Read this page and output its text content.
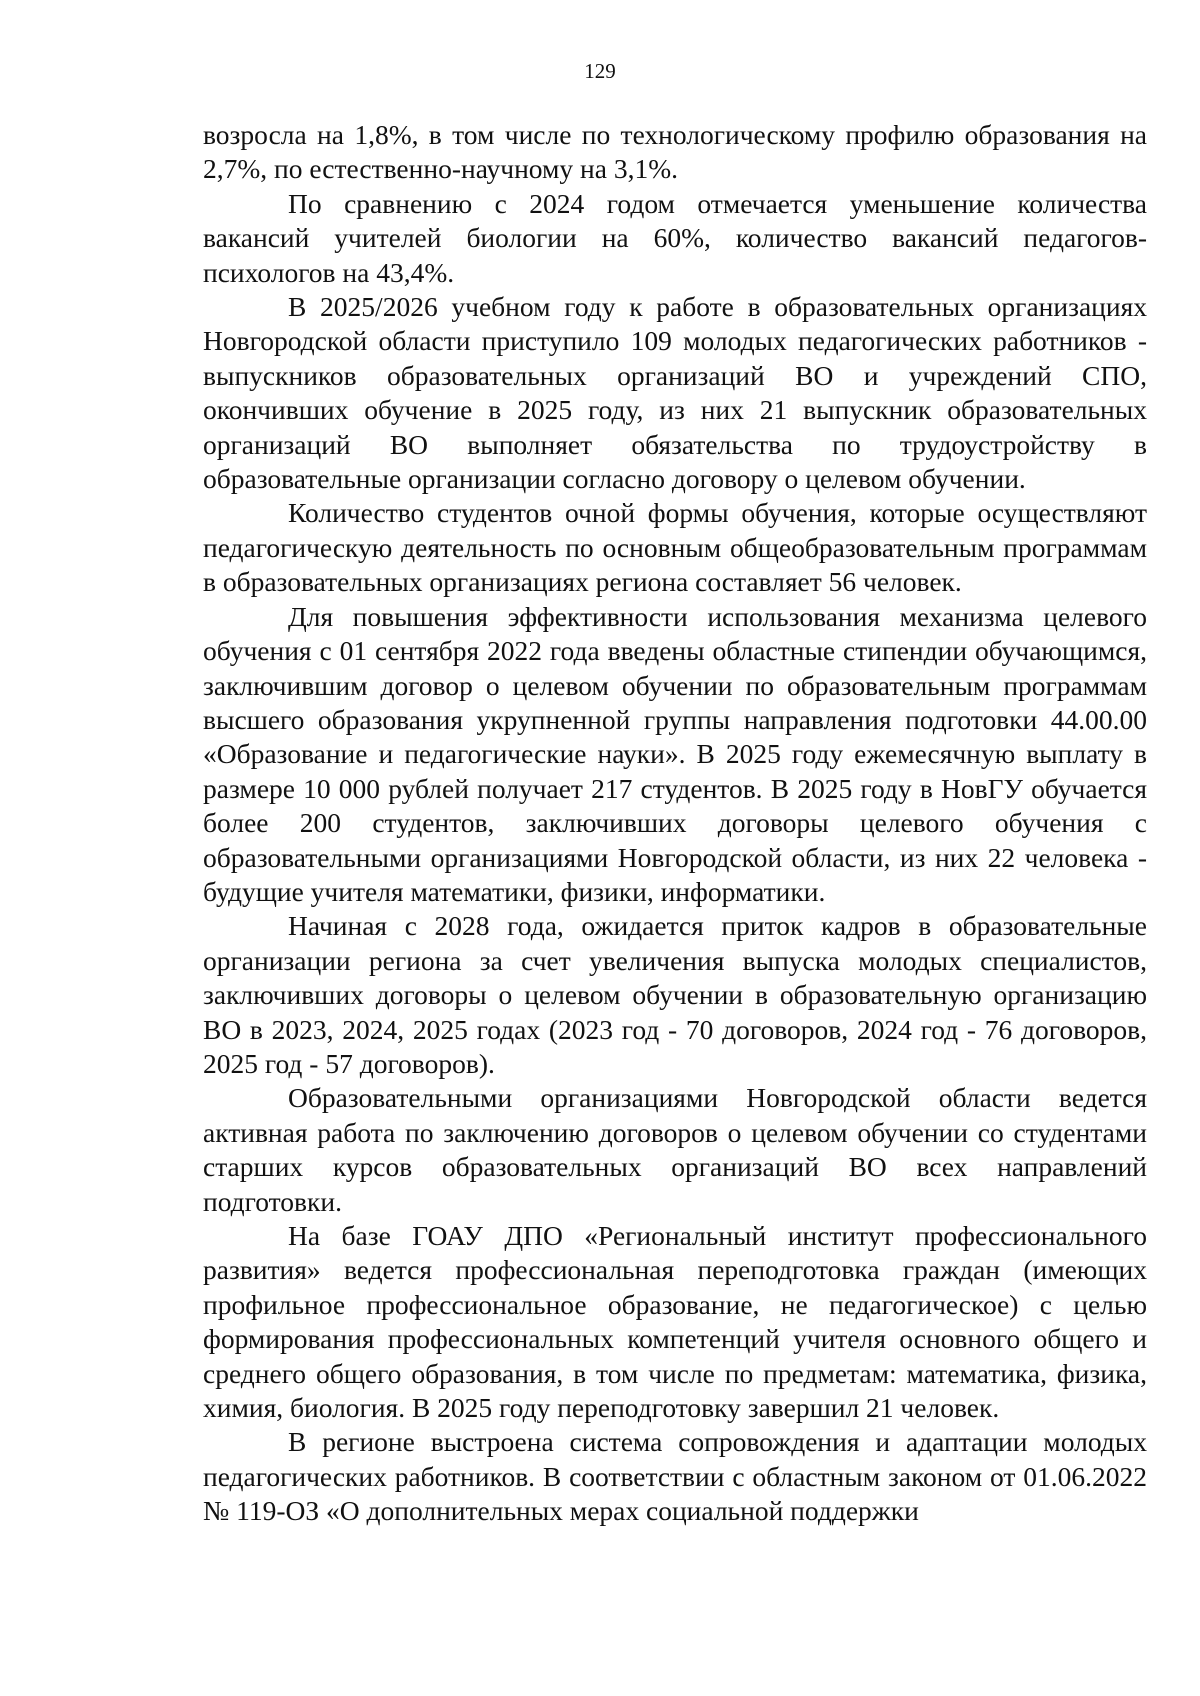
129

возросла на 1,8%, в том числе по технологическому профилю образования на 2,7%, по естественно-научному на 3,1%.

По сравнению с 2024 годом отмечается уменьшение количества вакансий учителей биологии на 60%, количество вакансий педагогов-психологов на 43,4%.

В 2025/2026 учебном году к работе в образовательных организациях Новгородской области приступило 109 молодых педагогических работников - выпускников образовательных организаций ВО и учреждений СПО, окончивших обучение в 2025 году, из них 21 выпускник образовательных организаций ВО выполняет обязательства по трудоустройству в образовательные организации согласно договору о целевом обучении.

Количество студентов очной формы обучения, которые осуществляют педагогическую деятельность по основным общеобразовательным программам в образовательных организациях региона составляет 56 человек.

Для повышения эффективности использования механизма целевого обучения с 01 сентября 2022 года введены областные стипендии обучающимся, заключившим договор о целевом обучении по образовательным программам высшего образования укрупненной группы направления подготовки 44.00.00 «Образование и педагогические науки». В 2025 году ежемесячную выплату в размере 10 000 рублей получает 217 студентов. В 2025 году в НовГУ обучается более 200 студентов, заключивших договоры целевого обучения с образовательными организациями Новгородской области, из них 22 человека - будущие учителя математики, физики, информатики.

Начиная с 2028 года, ожидается приток кадров в образовательные организации региона за счет увеличения выпуска молодых специалистов, заключивших договоры о целевом обучении в образовательную организацию ВО в 2023, 2024, 2025 годах (2023 год - 70 договоров, 2024 год - 76 договоров, 2025 год - 57 договоров).

Образовательными организациями Новгородской области ведется активная работа по заключению договоров о целевом обучении со студентами старших курсов образовательных организаций ВО всех направлений подготовки.

На базе ГОАУ ДПО «Региональный институт профессионального развития» ведется профессиональная переподготовка граждан (имеющих профильное профессиональное образование, не педагогическое) с целью формирования профессиональных компетенций учителя основного общего и среднего общего образования, в том числе по предметам: математика, физика, химия, биология. В 2025 году переподготовку завершил 21 человек.

В регионе выстроена система сопровождения и адаптации молодых педагогических работников. В соответствии с областным законом от 01.06.2022 № 119-ОЗ «О дополнительных мерах социальной поддержки
